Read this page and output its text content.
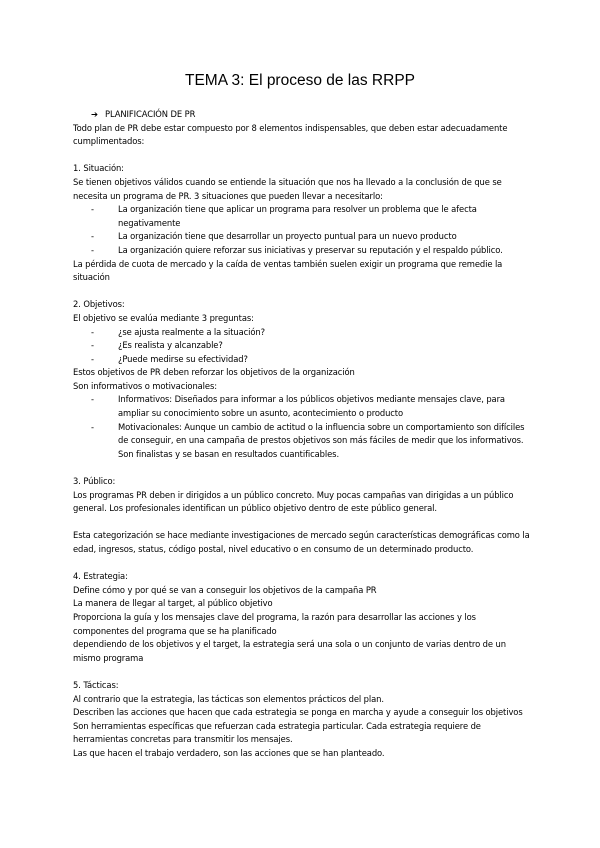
TEMA 3: El proceso de las RRPP
➔ PLANIFICACIÓN DE PR

Todo plan de PR debe estar compuesto por 8 elementos indispensables, que deben estar adecuadamente cumplimentados:

1. Situación:

Se tienen objetivos válidos cuando se entiende la situación que nos ha llevado a la conclusión de que se necesita un programa de PR. 3 situaciones que pueden llevar a necesitarlo:

-	La organización tiene que aplicar un programa para resolver un problema que le afecta negativamente
-	La organización tiene que desarrollar un proyecto puntual para un nuevo producto
-	La organización quiere reforzar sus iniciativas y preservar su reputación y el respaldo público.

La pérdida de cuota de mercado y la caída de ventas también suelen exigir un programa que remedie la situación

2. Objetivos:

El objetivo se evalúa mediante 3 preguntas:

-	¿se ajusta realmente a la situación?
-	¿Es realista y alcanzable?
-	¿Puede medirse su efectividad?

Estos objetivos de PR deben reforzar los objetivos de la organización

Son informativos o motivacionales:

-	Informativos: Diseñados para informar a los públicos objetivos mediante mensajes clave, para ampliar su conocimiento sobre un asunto, acontecimiento o producto
-	Motivacionales: Aunque un cambio de actitud o la influencia sobre un comportamiento son difíciles de conseguir, en una campaña de prestos objetivos son más fáciles de medir que los informativos. Son finalistas y se basan en resultados cuantificables.

3. Público:

Los programas PR deben ir dirigidos a un público concreto. Muy pocas campañas van dirigidas a un público general. Los profesionales identifican un público objetivo dentro de este público general.

Esta categorización se hace mediante investigaciones de mercado según características demográficas como la edad, ingresos, status, código postal, nivel educativo o en consumo de un determinado producto.

4. Estrategia:

Define cómo y por qué se van a conseguir los objetivos de la campaña PR

La manera de llegar al target, al público objetivo

Proporciona la guía y los mensajes clave del programa, la razón para desarrollar las acciones y los componentes del programa que se ha planificado

dependiendo de los objetivos y el target, la estrategia será una sola o un conjunto de varias dentro de un mismo programa

5. Tácticas:

Al contrario que la estrategia, las tácticas son elementos prácticos del plan.

Describen las acciones que hacen que cada estrategia se ponga en marcha y ayude a conseguir los objetivos

Son herramientas específicas que refuerzan cada estrategia particular. Cada estrategia requiere de herramientas concretas para transmitir los mensajes.

Las que hacen el trabajo verdadero, son las acciones que se han planteado.
